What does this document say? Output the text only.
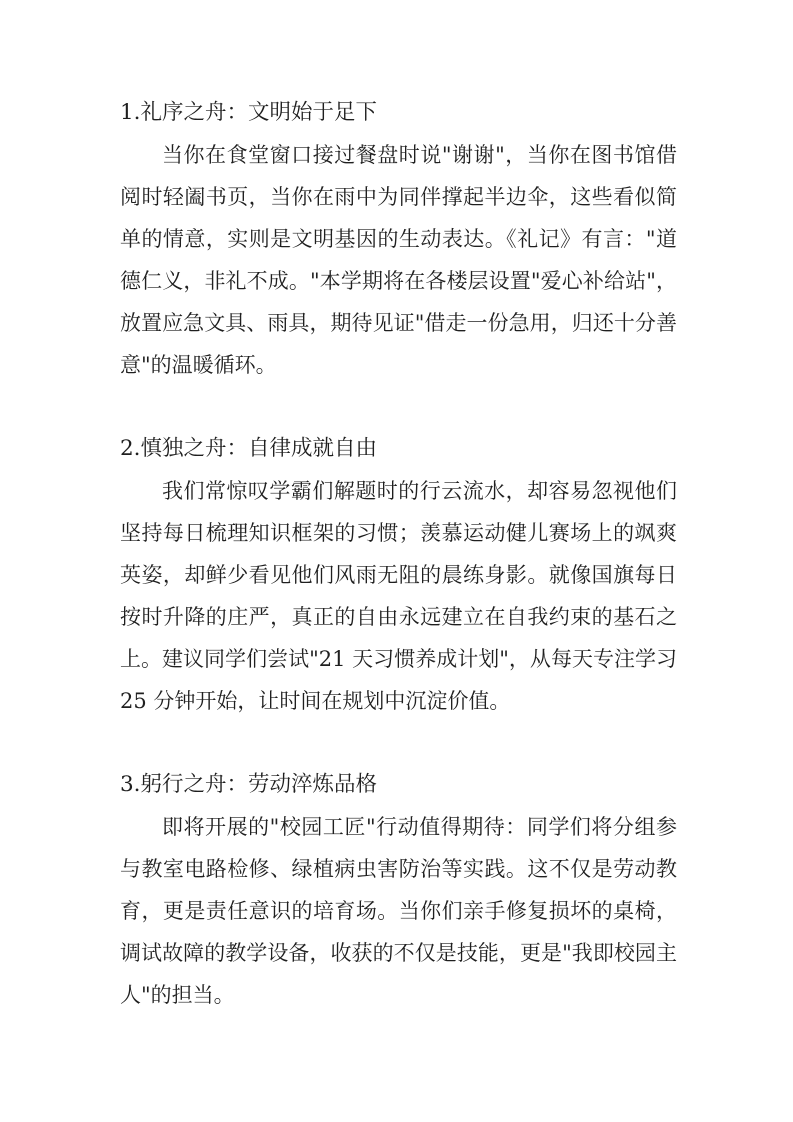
1.礼序之舟：文明始于足下

当你在食堂窗口接过餐盘时说"谢谢"，当你在图书馆借阅时轻阖书页，当你在雨中为同伴撑起半边伞，这些看似简单的情意，实则是文明基因的生动表达。《礼记》有言："道德仁义，非礼不成。"本学期将在各楼层设置"爱心补给站"，放置应急文具、雨具，期待见证"借走一份急用，归还十分善意"的温暖循环。

2.慎独之舟：自律成就自由

我们常惊叹学霸们解题时的行云流水，却容易忽视他们坚持每日梳理知识框架的习惯；羡慕运动健儿赛场上的飒爽英姿，却鲜少看见他们风雨无阻的晨练身影。就像国旗每日按时升降的庄严，真正的自由永远建立在自我约束的基石之上。建议同学们尝试"21 天习惯养成计划"，从每天专注学习 25 分钟开始，让时间在规划中沉淀价值。

3.躬行之舟：劳动淬炼品格

即将开展的"校园工匠"行动值得期待：同学们将分组参与教室电路检修、绿植病虫害防治等实践。这不仅是劳动教育，更是责任意识的培育场。当你们亲手修复损坏的桌椅，调试故障的教学设备，收获的不仅是技能，更是"我即校园主人"的担当。
